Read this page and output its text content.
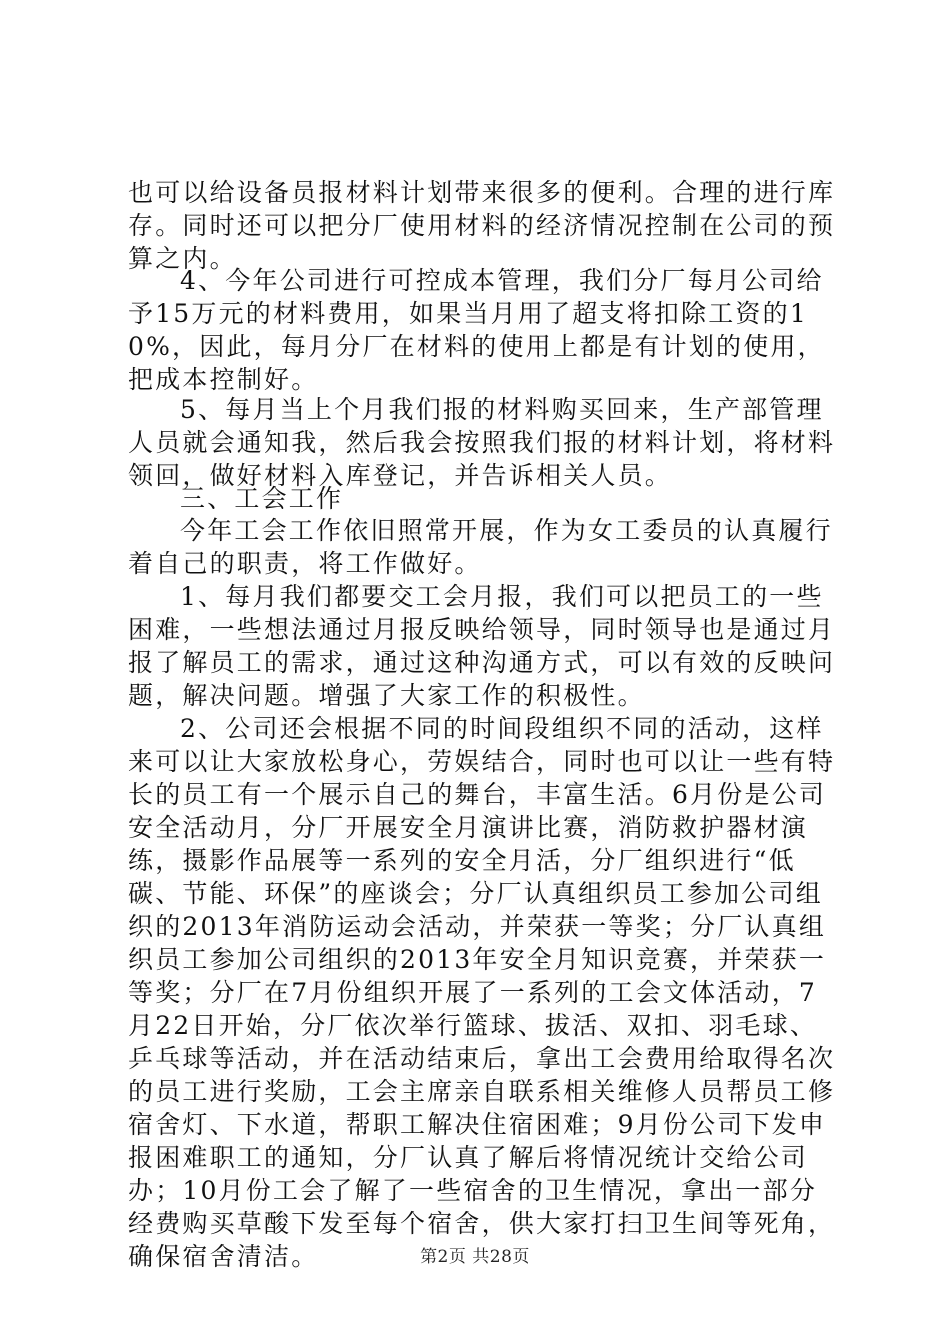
也可以给设备员报材料计划带来很多的便利。合理的进行库存。同时还可以把分厂使用材料的经济情况控制在公司的预算之内。
4、今年公司进行可控成本管理，我们分厂每月公司给予15万元的材料费用，如果当月用了超支将扣除工资的10%，因此，每月分厂在材料的使用上都是有计划的使用，把成本控制好。
5、每月当上个月我们报的材料购买回来，生产部管理人员就会通知我，然后我会按照我们报的材料计划，将材料领回，做好材料入库登记，并告诉相关人员。
三、工会工作
今年工会工作依旧照常开展，作为女工委员的认真履行着自己的职责，将工作做好。
1、每月我们都要交工会月报，我们可以把员工的一些困难，一些想法通过月报反映给领导，同时领导也是通过月报了解员工的需求，通过这种沟通方式，可以有效的反映问题，解决问题。增强了大家工作的积极性。
2、公司还会根据不同的时间段组织不同的活动，这样来可以让大家放松身心，劳娱结合，同时也可以让一些有特长的员工有一个展示自己的舞台，丰富生活。6月份是公司安全活动月，分厂开展安全月演讲比赛，消防救护器材演练，摄影作品展等一系列的安全月活，分厂组织进行“低碳、节能、环保”的座谈会；分厂认真组织员工参加公司组织的2013年消防运动会活动，并荣获一等奖；分厂认真组织员工参加公司组织的2013年安全月知识竞赛，并荣获一等奖；分厂在7月份组织开展了一系列的工会文体活动，7月22日开始，分厂依次举行篮球、拔活、双扣、羽毛球、乒乓球等活动，并在活动结束后，拿出工会费用给取得名次的员工进行奖励，工会主席亲自联系相关维修人员帮员工修宿舍灯、下水道，帮职工解决住宿困难；9月份公司下发申报困难职工的通知，分厂认真了解后将情况统计交给公司办；10月份工会了解了一些宿舍的卫生情况，拿出一部分经费购买草酸下发至每个宿舍，供大家打扫卫生间等死角，确保宿舍清洁。	第2页 共28页
